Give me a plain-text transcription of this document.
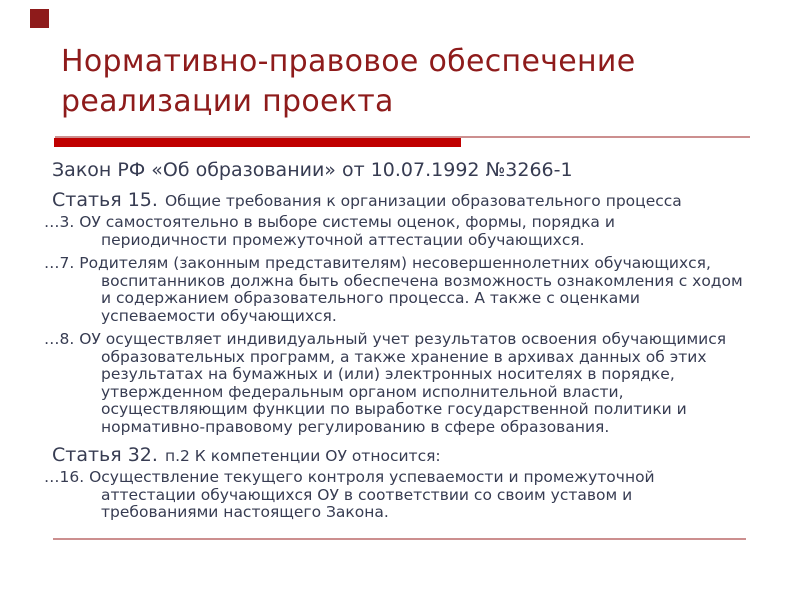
Нормативно-правовое обеспечение
реализации проекта

Закон РФ «Об образовании» от 10.07.1992 №3266-1

Статья 15. Общие требования к организации образовательного процесса

…3. ОУ самостоятельно в выборе системы оценок, формы, порядка и
периодичности промежуточной аттестации обучающихся.
…7. Родителям (законным представителям) несовершеннолетних обучающихся,
воспитанников должна быть обеспечена возможность ознакомления с ходом
и содержанием образовательного процесса. А также с оценками
успеваемости обучающихся.
…8. ОУ осуществляет индивидуальный учет результатов освоения обучающимися
образовательных программ, а также хранение в архивах данных об этих
результатах на бумажных и (или) электронных носителях в порядке,
утвержденном федеральным органом исполнительной власти,
осуществляющим функции по выработке государственной политики и
нормативно-правовому регулированию в сфере образования.

Статья 32. п.2 К компетенции ОУ относится:

…16. Осуществление текущего контроля успеваемости и промежуточной
аттестации обучающихся ОУ в соответствии со своим уставом и
требованиями настоящего Закона.
